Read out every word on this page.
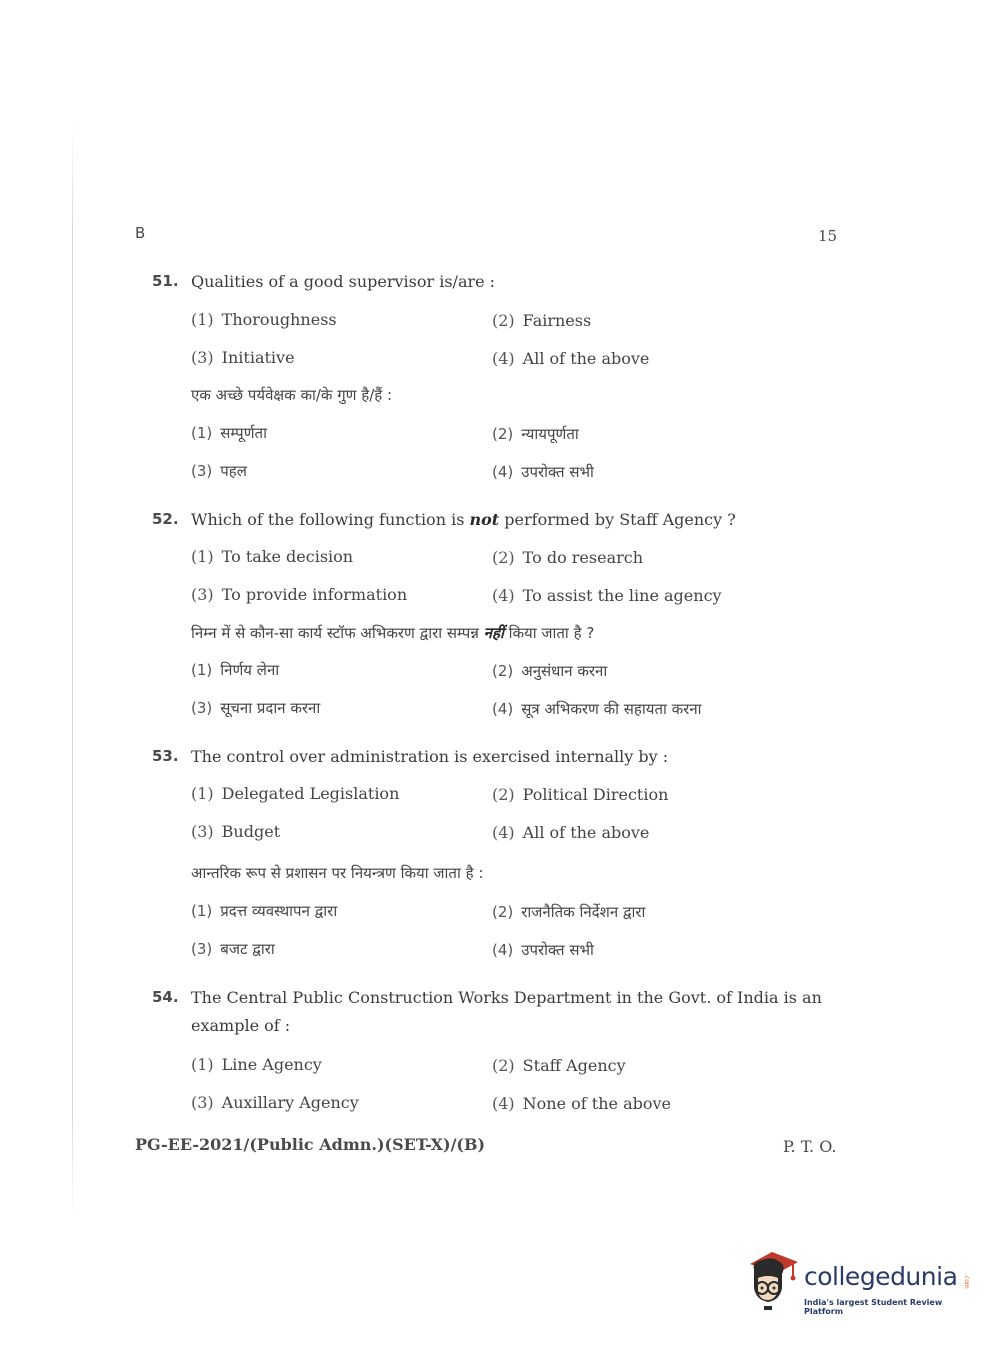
B	15
51. Qualities of a good supervisor is/are :
(1) Thoroughness	(2) Fairness
(3) Initiative	(4) All of the above
एक अच्छे पर्यवेक्षक का/के गुण है/हैं :
(1) सम्पूर्णता	(2) न्यायपूर्णता
(3) पहल	(4) उपरोक्त सभी
52. Which of the following function is not performed by Staff Agency ?
(1) To take decision	(2) To do research
(3) To provide information	(4) To assist the line agency
निम्न में से कौन-सा कार्य स्टॉफ अभिकरण द्वारा सम्पन्न नहीं किया जाता है ?
(1) निर्णय लेना	(2) अनुसंधान करना
(3) सूचना प्रदान करना	(4) सूत्र अभिकरण की सहायता करना
53. The control over administration is exercised internally by :
(1) Delegated Legislation	(2) Political Direction
(3) Budget	(4) All of the above
आन्तरिक रूप से प्रशासन पर नियन्त्रण किया जाता है :
(1) प्रदत्त व्यवस्थापन द्वारा	(2) राजनैतिक निर्देशन द्वारा
(3) बजट द्वारा	(4) उपरोक्त सभी
54. The Central Public Construction Works Department in the Govt. of India is an example of :
(1) Line Agency	(2) Staff Agency
(3) Auxillary Agency	(4) None of the above
PG-EE-2021/(Public Admn.)(SET-X)/(B)	P. T. O.
collegedunia .com
India's largest Student Review Platform
